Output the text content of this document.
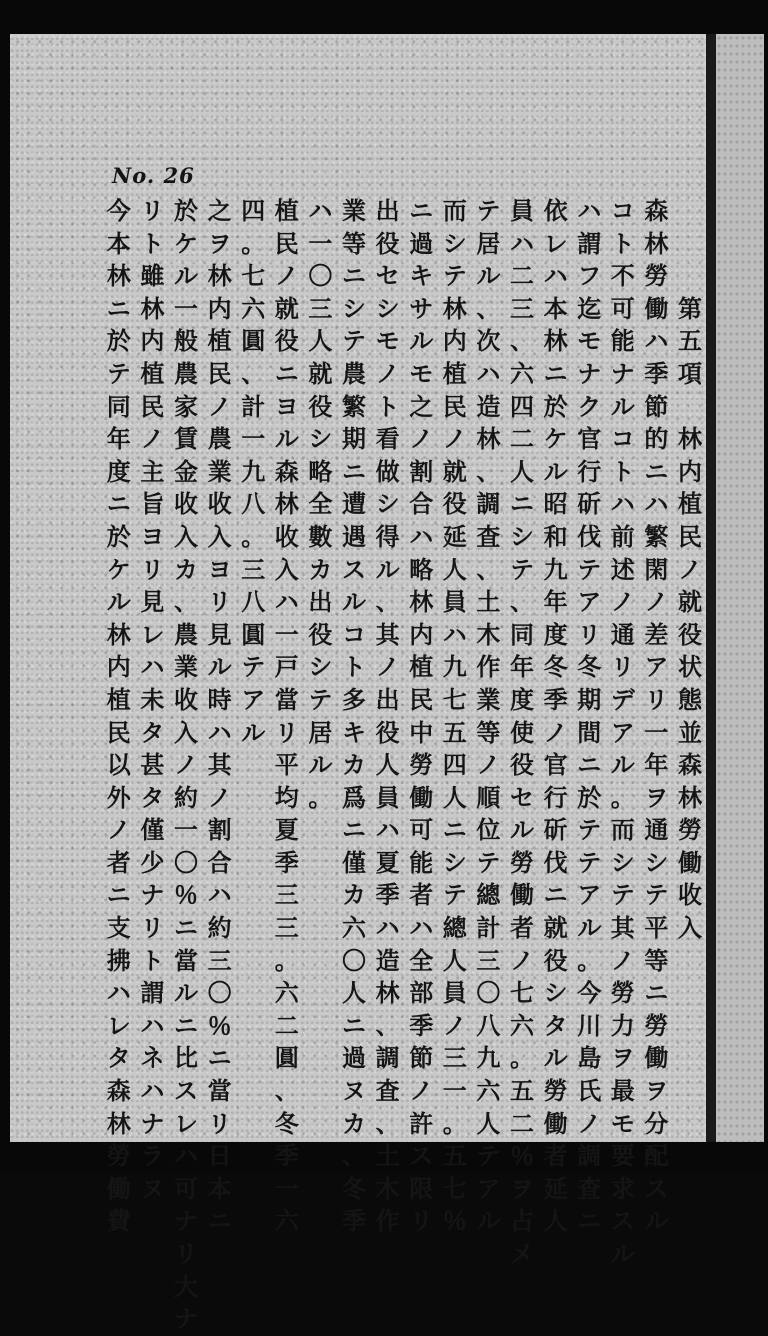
No. 26
第
五
項

林
内
植
民
ノ
就
役
状
態
並
森
林
勞
働
收
入
森
林
勞
働
ハ
季
節
的
ニ
ハ
繁
閑
ノ
差
ア
リ
一
年
ヲ
通
シ
テ
平
等
ニ
勞
働
ヲ
分
配
ス
ル
コ
ト
不
可
能
ナ
ル
コ
ト
ハ
前
述
ノ
通
リ
デ
ア
ル
。
而
シ
テ
其
ノ
勞
力
ヲ
最
モ
要
求
ス
ル
ハ
謂
フ
迄
モ
ナ
ク
官
行
斫
伐
テ
ア
リ
冬
期
間
ニ
於
テ
テ
ア
ル
。
今
川
島
氏
ノ
調
査
ニ
依
レ
ハ
本
林
ニ
於
ケ
ル
昭
和
九
年
度
冬
季
ノ
官
行
斫
伐
ニ
就
役
シ
タ
ル
勞
働
者
延
人
員
ハ
二
三
、
六
四
二
人
ニ
シ
テ
、
同
年
度
使
役
セ
ル
勞
働
者
ノ
七
六
。
五
二
％
ヲ
占
メ
テ
居
ル
、
次
ハ
造
林
、
調
査
、
土
木
作
業
等
ノ
順
位
テ
總
計
三
〇
八
九
六
人
テ
ア
ル
而
シ
テ
林
内
植
民
ノ
就
役
延
人
員
ハ
九
七
五
四
人
ニ
シ
テ
總
人
員
ノ
三
一
。
五
七
％
ニ
過
キ
サ
ル
モ
之
ノ
割
合
ハ
略
林
内
植
民
中
勞
働
可
能
者
ハ
全
部
季
節
ノ
許
ス
限
リ
出
役
セ
シ
モ
ノ
ト
看
做
シ
得
ル
、
其
ノ
出
役
人
員
ハ
夏
季
ハ
造
林
、
調
査
、
土
木
作
業
等
ニ
シ
テ
農
繁
期
ニ
遭
遇
ス
ル
コ
ト
多
キ
カ
爲
ニ
僅
カ
六
〇
人
ニ
過
ヌ
カ
、
冬
季
ハ
一
〇
三
人
就
役
シ
略
全
數
カ
出
役
シ
テ
居
ル
。
植
民
ノ
就
役
ニ
ヨ
ル
森
林
收
入
ハ
一
戸
當
リ
平
均
夏
季
三
三
。
六
二
圓
、
冬
季
一
六
四
。
七
六
圓
、
計
一
九
八
。
三
八
圓
テ
ア
ル
之
ヲ
林
内
植
民
ノ
農
業
收
入
ヨ
リ
見
ル
時
ハ
其
ノ
割
合
ハ
約
三
〇
％
ニ
當
リ
日
本
ニ
於
ケ
ル
一
般
農
家
賃
金
收
入
カ
、
農
業
收
入
ノ
約
一
〇
％
ニ
當
ル
ニ
比
ス
レ
ハ
可
ナ
リ
大
ナ
リ
ト
雖
林
内
植
民
ノ
主
旨
ヨ
リ
見
レ
ハ
未
タ
甚
タ
僅
少
ナ
リ
ト
謂
ハ
ネ
ハ
ナ
ラ
ヌ
今
本
林
ニ
於
テ
同
年
度
ニ
於
ケ
ル
林
内
植
民
以
外
ノ
者
ニ
支
拂
ハ
レ
タ
森
林
勞
働
費
